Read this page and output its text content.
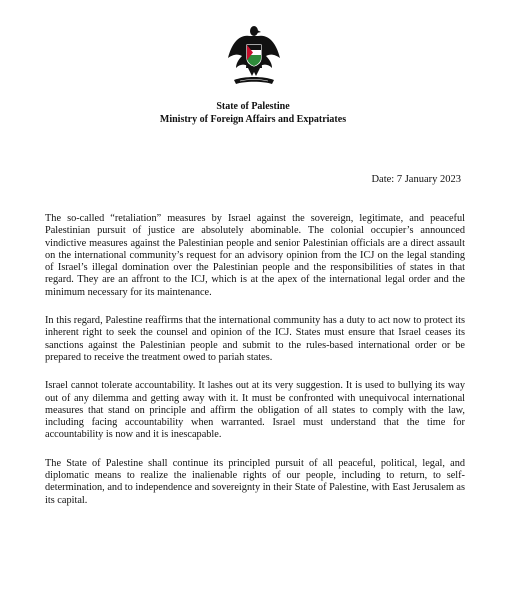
State of Palestine
Ministry of Foreign Affairs and Expatriates
Date: 7 January 2023

The so-called “retaliation” measures by Israel against the sovereign, legitimate, and peaceful Palestinian pursuit of justice are absolutely abominable. The colonial occupier’s announced vindictive measures against the Palestinian people and senior Palestinian officials are a direct assault on the international community’s request for an advisory opinion from the ICJ on the legal standing of Israel’s illegal domination over the Palestinian people and the responsibilities of states in that regard. They are an affront to the ICJ, which is at the apex of the international legal order and the minimum necessary for its maintenance.

In this regard, Palestine reaffirms that the international community has a duty to act now to protect its inherent right to seek the counsel and opinion of the ICJ. States must ensure that Israel ceases its sanctions against the Palestinian people and submit to the rules-based international order or be prepared to receive the treatment owed to pariah states.

Israel cannot tolerate accountability. It lashes out at its very suggestion. It is used to bullying its way out of any dilemma and getting away with it. It must be confronted with unequivocal international measures that stand on principle and affirm the obligation of all states to comply with the law, including facing accountability when warranted. Israel must understand that the time for accountability is now and it is inescapable.

The State of Palestine shall continue its principled pursuit of all peaceful, political, legal, and diplomatic means to realize the inalienable rights of our people, including to return, to self-determination, and to independence and sovereignty in their State of Palestine, with East Jerusalem as its capital.
